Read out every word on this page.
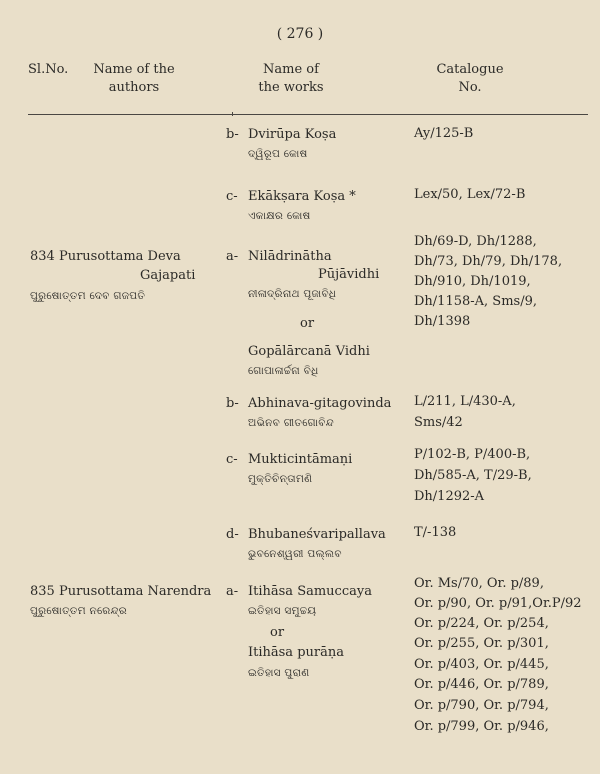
( 276 )
Sl.No.	Name of the
authors
Name of
the works
Catalogue
No.
b- Dvirūpa Koṣa
ଦ୍ୱିରୂପ କୋଷ
Ay/125-B
c- Ekākṣara Koṣa *
ଏକାକ୍ଷର କୋଷ
Lex/50, Lex/72-B
834 Purusottama Deva
Gajapati
ପୁରୁଷୋତ୍ତମ ଦେବ ଗଜପତି
a- Nilādrinātha
Pūjāvidhi
ନୀଳାଦ୍ରିନାଥ ପୂଜାବିଧି
or
Gopālārcanā Vidhi
ଗୋପାଳାର୍ଚ୍ଚନା ବିଧି
Dh/69-D, Dh/1288,
Dh/73, Dh/79, Dh/178,
Dh/910, Dh/1019,
Dh/1158-A, Sms/9,
Dh/1398
b- Abhinava-gitagovinda
ଅଭିନବ ଗୀତଗୋବିନ୍ଦ
L/211, L/430-A,
Sms/42
c- Mukticintāmaṇi
ମୁକ୍ତିଚିନ୍ତାମଣି
P/102-B, P/400-B,
Dh/585-A, T/29-B,
Dh/1292-A
d- Bhubaneśvaripallava
ଭୁବନେଶ୍ୱରୀ ପଲ୍ଲବ
T/-138
835 Purusottama Narendra
ପୁରୁଷୋତ୍ତମ ନରେନ୍ଦ୍ର
a- Itihāsa Samuccaya
ଇତିହାସ ସମୁଚ୍ଚୟ
or
Itihāsa purāṇa
ଇତିହାସ ପୁରାଣ
Or. Ms/70, Or. p/89,
Or. p/90, Or. p/91,Or.P/92
Or. p/224, Or. p/254,
Or. p/255, Or. p/301,
Or. p/403, Or. p/445,
Or. p/446, Or. p/789,
Or. p/790, Or. p/794,
Or. p/799, Or. p/946,
